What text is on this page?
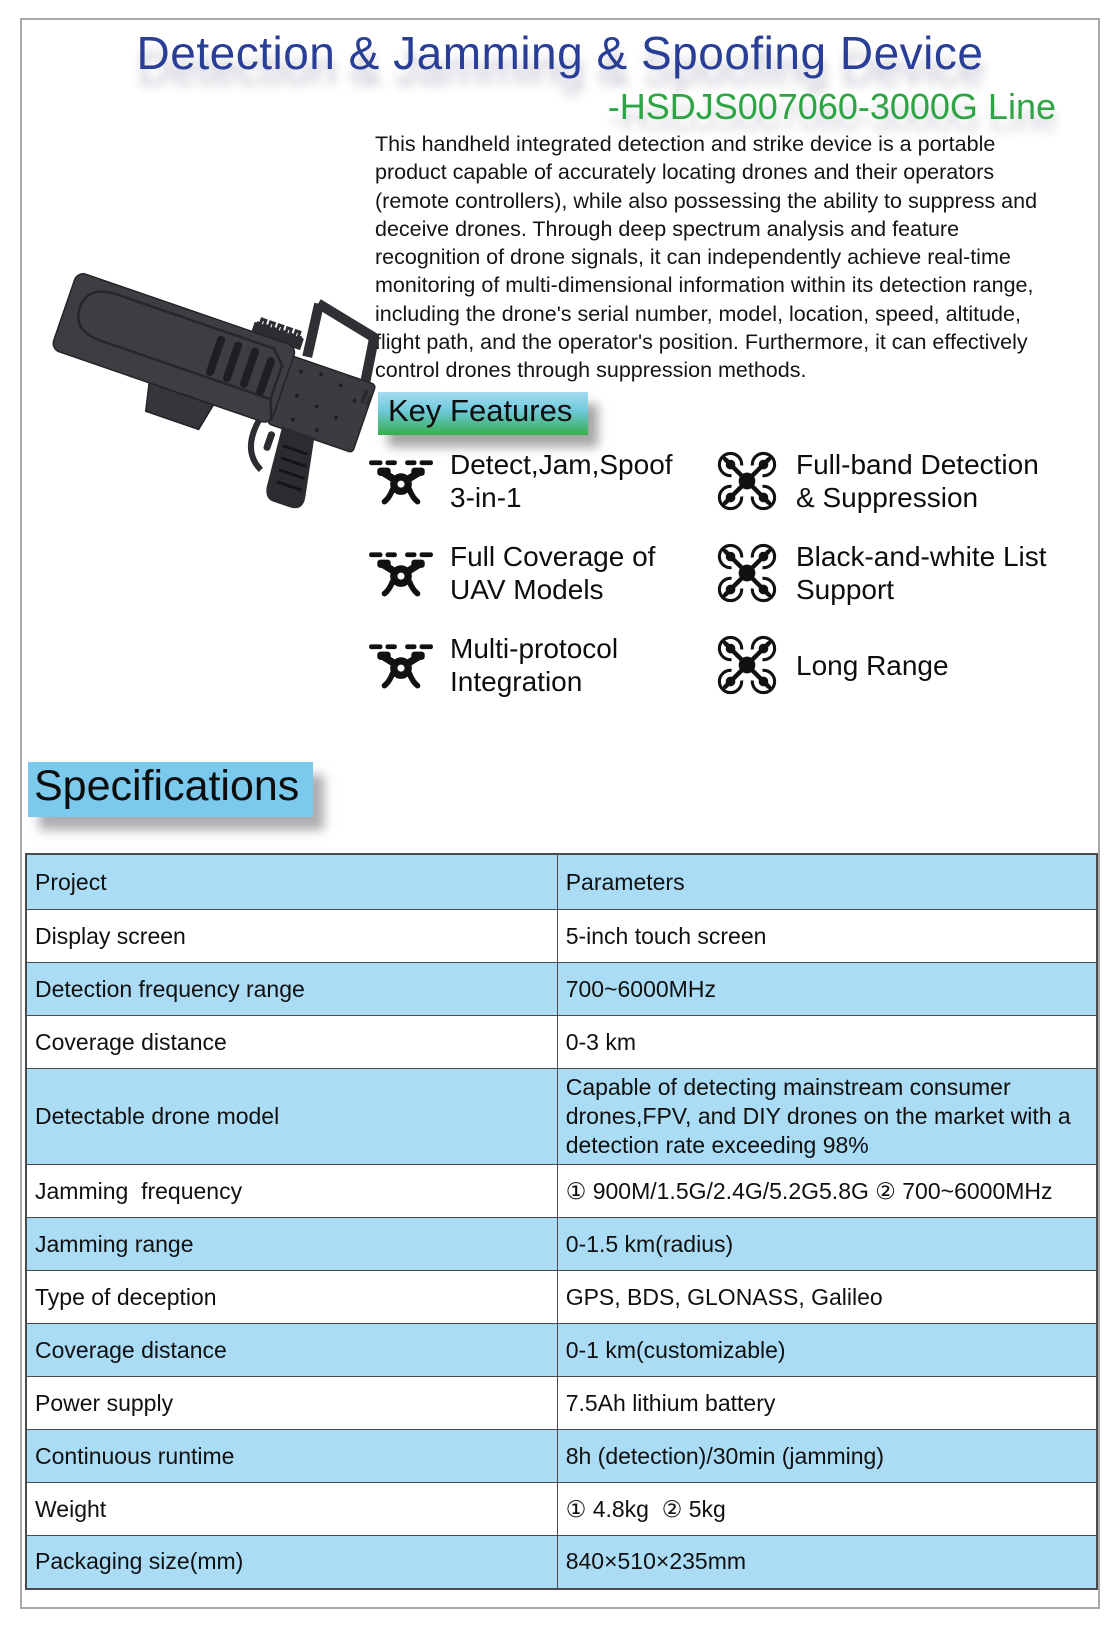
Detection & Jamming & Spoofing Device
-HSDJS007060-3000G Line
This handheld integrated detection and strike device is a portable product capable of accurately locating drones and their operators (remote controllers), while also possessing the ability to suppress and deceive drones. Through deep spectrum analysis and feature recognition of drone signals, it can independently achieve real-time monitoring of multi-dimensional information within its detection range, including the drone's serial number, model, location, speed, altitude, flight path, and the operator's position. Furthermore, it can effectively control drones through suppression methods.
Key Features
Detect,Jam,Spoof 3-in-1
Full-band Detection & Suppression
Full Coverage of UAV Models
Black-and-white List Support
Multi-protocol Integration
Long Range
Specifications
Project	Parameters
Display screen	5-inch touch screen
Detection frequency range	700~6000MHz
Coverage distance	0-3 km
Detectable drone model	Capable of detecting mainstream consumer drones,FPV, and DIY drones on the market with a detection rate exceeding 98%
Jamming  frequency	① 900M/1.5G/2.4G/5.2G5.8G ② 700~6000MHz
Jamming range	0-1.5 km(radius)
Type of deception	GPS, BDS, GLONASS, Galileo
Coverage distance	0-1 km(customizable)
Power supply	7.5Ah lithium battery
Continuous runtime	8h (detection)/30min (jamming)
Weight	① 4.8kg  ② 5kg
Packaging size(mm)	840×510×235mm
